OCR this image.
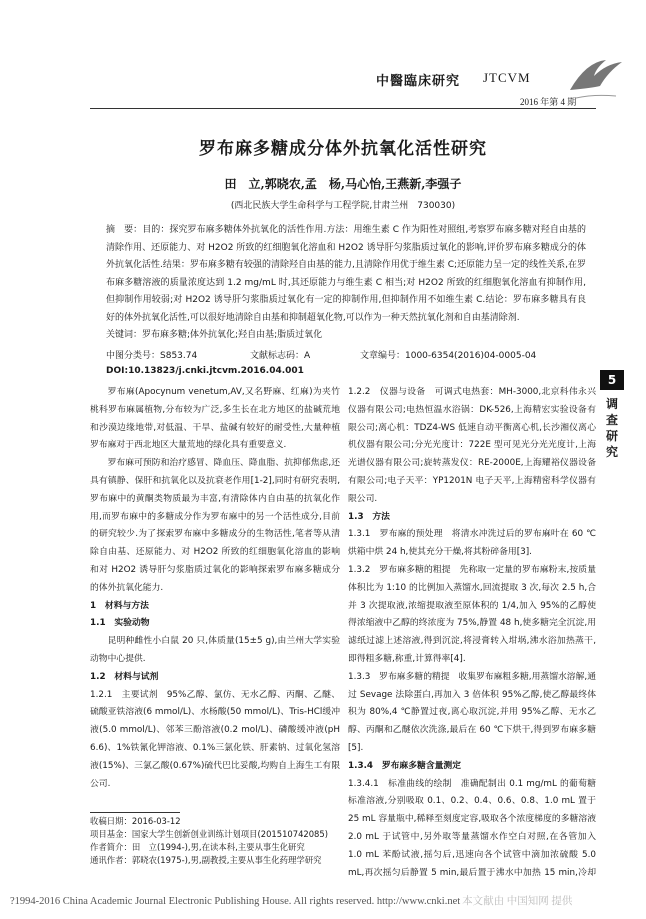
中醫臨床研究 JTCVM
2016 年第 4 期
罗布麻多糖成分体外抗氧化活性研究
田　立,郭晓农,孟　杨,马心怡,王燕新,李强子
(西北民族大学生命科学与工程学院,甘肃兰州　730030)
摘　要：目的：探究罗布麻多糖体外抗氧化的活性作用.方法：用维生素 C 作为阳性对照组,考察罗布麻多糖对羟自由基的清除作用、还原能力、对 H2O2 所致的红细胞氧化溶血和 H2O2 诱导肝匀浆脂质过氧化的影响,评价罗布麻多糖成分的体外抗氧化活性.结果：罗布麻多糖有较强的清除羟自由基的能力,且清除作用优于维生素 C;还原能力呈一定的线性关系,在罗布麻多糖溶液的质量浓度达到 1.2 mg/mL 时,其还原能力与维生素 C 相当;对 H2O2 所致的红细胞氧化溶血有抑制作用,但抑制作用较弱;对 H2O2 诱导肝匀浆脂质过氧化有一定的抑制作用,但抑制作用不如维生素 C.结论：罗布麻多糖具有良好的体外抗氧化活性,可以很好地清除自由基和抑制超氧化物,可以作为一种天然抗氧化剂和自由基清除剂.
关键词：罗布麻多糖;体外抗氧化;羟自由基;脂质过氧化
中图分类号：S853.74	文献标志码：A	文章编号：1000-6354(2016)04-0005-04
DOI:10.13823/j.cnki.jtcvm.2016.04.001

罗布麻(Apocynum venetum,AV,又名野麻、红麻)为夹竹桃科罗布麻属植物,分布较为广泛,多生长在北方地区的盐碱荒地和沙漠边缘地带,对低温、干旱、盐碱有较好的耐受性,大量种植罗布麻对于西北地区大量荒地的绿化具有重要意义.

罗布麻可预防和治疗感冒、降血压、降血脂、抗抑郁焦虑,还具有镇静、保肝和抗氧化以及抗衰老作用[1-2],同时有研究表明,罗布麻中的黄酮类物质最为丰富,有清除体内自由基的抗氧化作用,而罗布麻中的多糖成分作为罗布麻中的另一个活性成分,目前的研究较少.为了探索罗布麻中多糖成分的生物活性,笔者等从清除自由基、还原能力、对 H2O2 所致的红细胞氧化溶血的影响和对 H2O2 诱导肝匀浆脂质过氧化的影响探索罗布麻多糖成分的体外抗氧化能力.

1　材料与方法

1.1　实验动物

昆明种雌性小白鼠 20 只,体质量(15±5 g),由兰州大学实验动物中心提供.

1.2　材料与试剂

1.2.1　主要试剂　95%乙醇、氯仿、无水乙醇、丙酮、乙醚、硫酸亚铁溶液(6 mmol/L)、水杨酸(50 mmol/L)、Tris-HCl缓冲液(5.0 mmol/L)、邻苯三酚溶液(0.2 mol/L)、磷酸缓冲液(pH 6.6)、1%铁氰化钾溶液、0.1%三氯化铁、肝素钠、过氧化氢溶液(15%)、三氯乙酸(0.67%)硫代巴比妥酸,均购自上海生工有限公司.

1.2.2　仪器与设备　可调式电热套：MH-3000,北京科伟永兴仪器有限公司;电热恒温水浴锅：DK-526,上海精宏实验设备有限公司;离心机：TDZ4-WS 低速自动平衡离心机,长沙湘仪离心机仪器有限公司;分光光度计：722E 型可见光分光光度计,上海光谱仪器有限公司;旋转蒸发仪：RE-2000E,上海耀裕仪器设备有限公司;电子天平：YP1201N 电子天平,上海精密科学仪器有限公司.

1.3　方法

1.3.1　罗布麻的预处理　将清水冲洗过后的罗布麻叶在 60 ℃烘箱中烘 24 h,使其充分干燥,将其粉碎备用[3].

1.3.2　罗布麻多糖的粗提　先称取一定量的罗布麻粉末,按质量体积比为 1:10 的比例加入蒸馏水,回流提取 3 次,每次 2.5 h,合并 3 次提取液,浓缩提取液至原体积的 1/4,加入 95%的乙醇使得浓缩液中乙醇的终浓度为 75%,静置 48 h,使多糖完全沉淀,用滤纸过滤上述溶液,得到沉淀,将浸膏转入坩埚,沸水浴加热蒸干,即得粗多糖,称重,计算得率[4].

1.3.3　罗布麻多糖的精提　收集罗布麻粗多糖,用蒸馏水溶解,通过 Sevage 法除蛋白,再加入 3 倍体积 95%乙醇,使乙醇最终体积为 80%,4 ℃静置过夜,离心取沉淀,并用 95%乙醇、无水乙醇、丙酮和乙醚依次洗涤,最后在 60 ℃下烘干,得到罗布麻多糖[5].

1.3.4　罗布麻多糖含量测定

1.3.4.1　标准曲线的绘制　准确配制出 0.1 mg/mL 的葡萄糖标准溶液,分别吸取 0.1、0.2、0.4、0.6、0.8、1.0 mL 置于 25 mL 容量瓶中,稀释至刻度定容,吸取各个浓度梯度的多糖溶液 2.0 mL 于试管中,另外取等量蒸馏水作空白对照,在各管加入 1.0 mL 苯酚试液,摇匀后,迅速向各个试管中滴加浓硫酸 5.0 mL,再次摇匀后静置 5 min,最后置于沸水中加热 15 min,冷却

5
调查研究

收稿日期：2016-03-12

项目基金：国家大学生创新创业训练计划项目(201510742085)

作者简介：田　立(1994-),男,在读本科,主要从事生化研究

通讯作者：郭晓农(1975-),男,副教授,主要从事生化药理学研究

?1994-2016 China Academic Journal Electronic Publishing House. All rights reserved. http://www.cnki.net 本文献由 中国知网 提供
